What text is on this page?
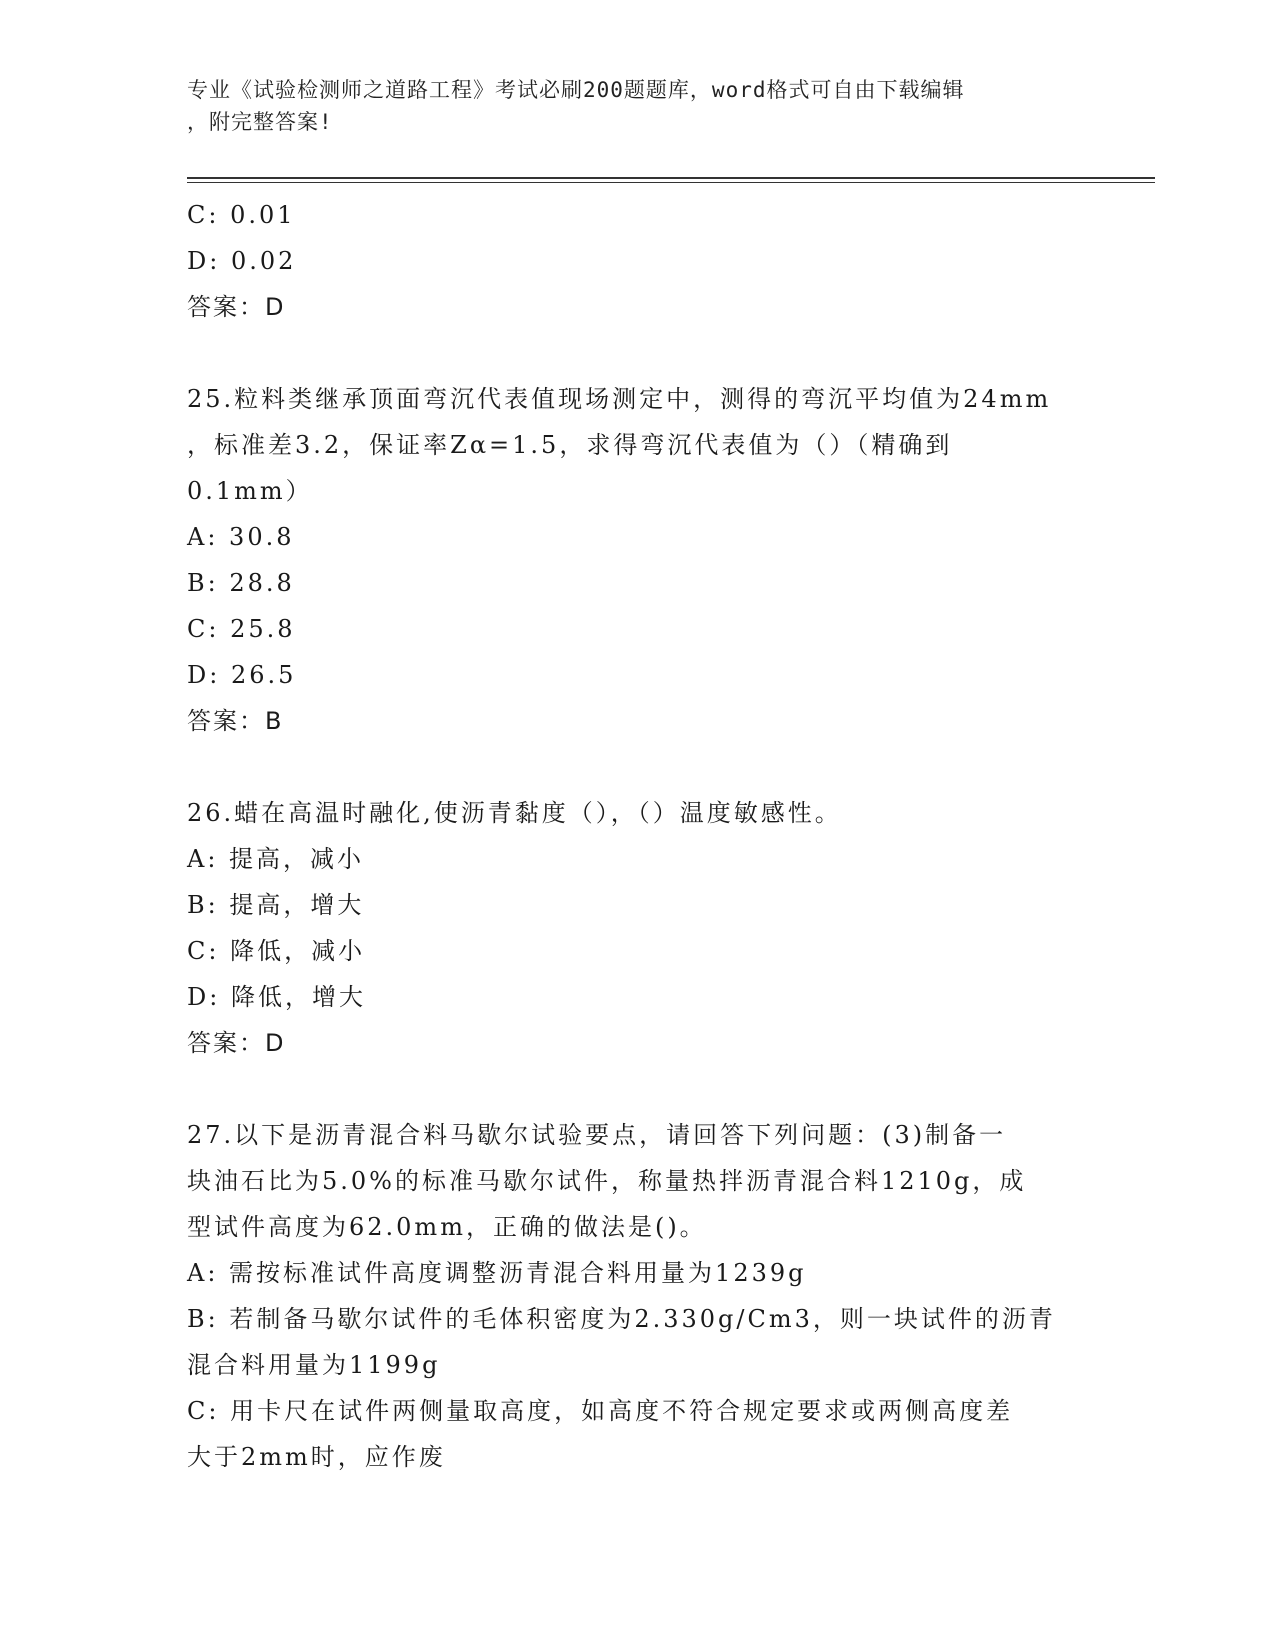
专业《试验检测师之道路工程》考试必刷200题题库，word格式可自由下载编辑
，附完整答案!
C: 0.01
D: 0.02
答案：D
25.粒料类继承顶面弯沉代表值现场测定中，测得的弯沉平均值为24mm
，标准差3.2，保证率Zα=1.5，求得弯沉代表值为（）（精确到
0.1mm）
A: 30.8
B: 28.8
C: 25.8
D: 26.5
答案：B
26.蜡在高温时融化,使沥青黏度（），（）温度敏感性。
A: 提高，减小
B: 提高，增大
C: 降低，减小
D: 降低，增大
答案：D
27.以下是沥青混合料马歇尔试验要点，请回答下列问题：(3)制备一
块油石比为5.0%的标准马歇尔试件，称量热拌沥青混合料1210g，成
型试件高度为62.0mm，正确的做法是()。
A: 需按标准试件高度调整沥青混合料用量为1239g
B: 若制备马歇尔试件的毛体积密度为2.330g/Cm3，则一块试件的沥青
混合料用量为1199g
C: 用卡尺在试件两侧量取高度，如高度不符合规定要求或两侧高度差
大于2mm时，应作废
